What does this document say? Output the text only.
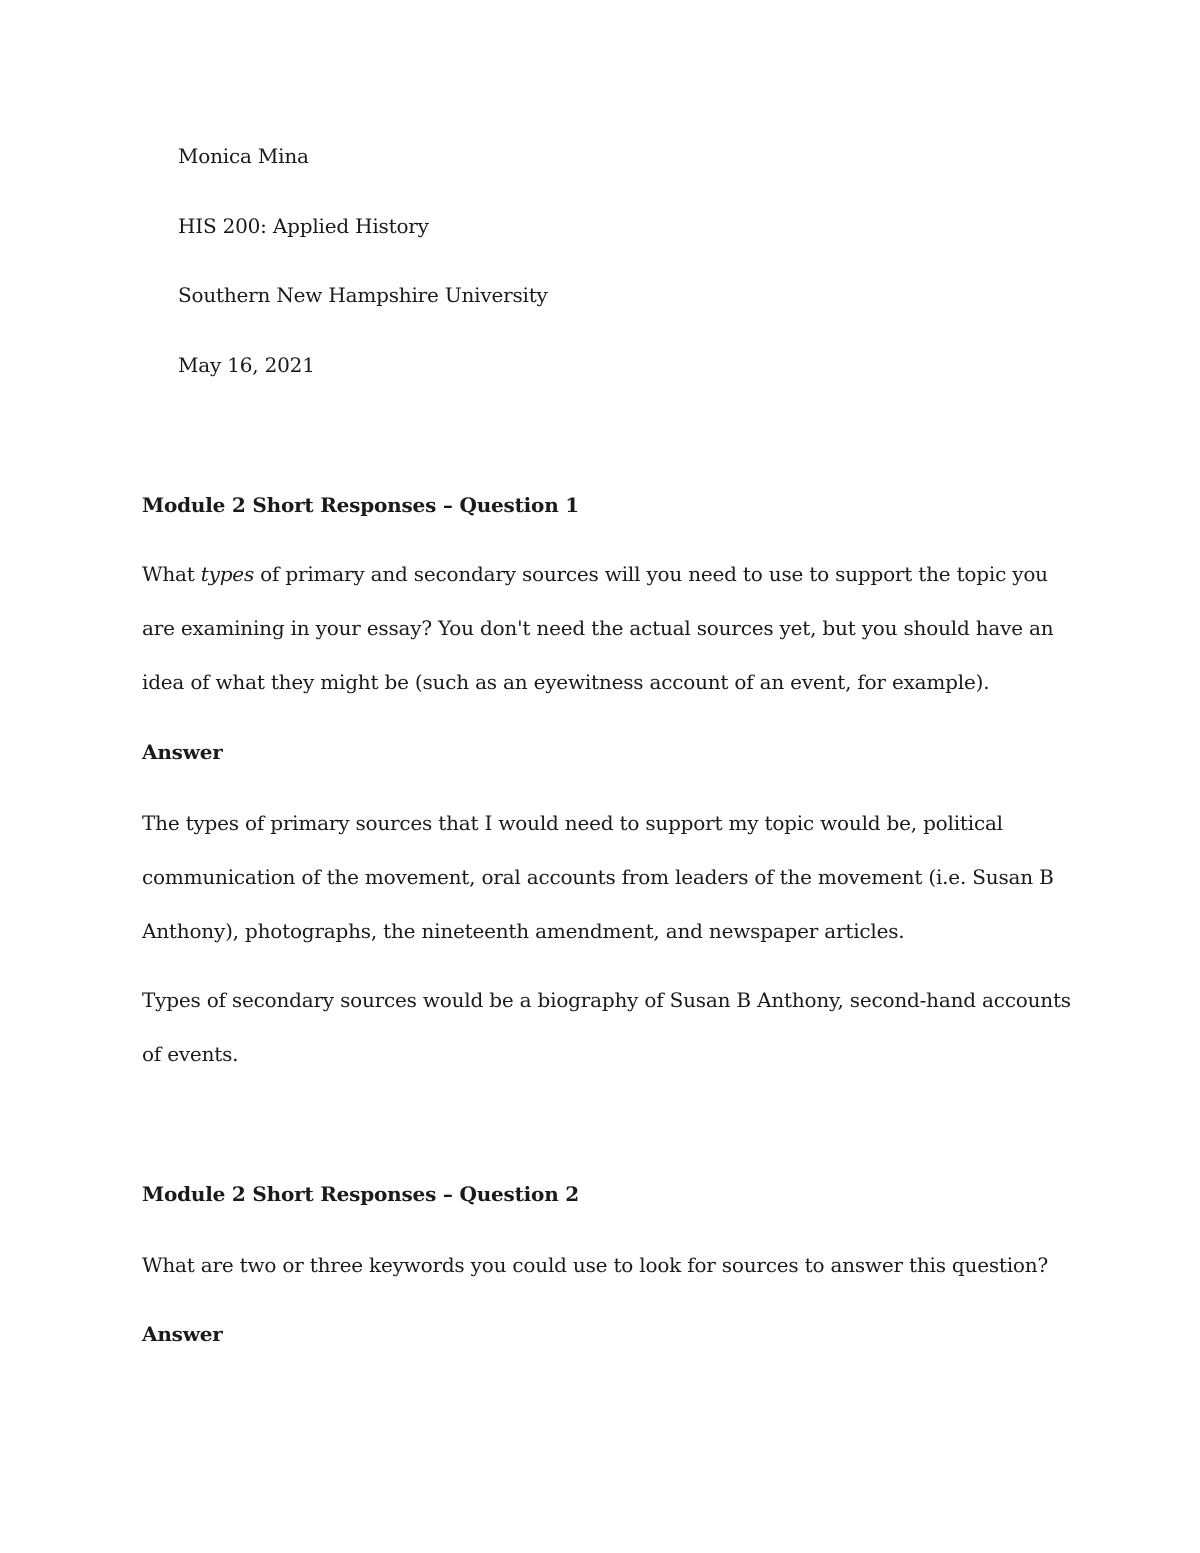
Monica Mina
HIS 200: Applied History
Southern New Hampshire University
May 16, 2021
Module 2 Short Responses – Question 1
What types of primary and secondary sources will you need to use to support the topic you are examining in your essay? You don't need the actual sources yet, but you should have an idea of what they might be (such as an eyewitness account of an event, for example).
Answer
The types of primary sources that I would need to support my topic would be, political communication of the movement, oral accounts from leaders of the movement (i.e. Susan B Anthony), photographs, the nineteenth amendment, and newspaper articles.
Types of secondary sources would be a biography of Susan B Anthony, second-hand accounts of events.
Module 2 Short Responses – Question 2
What are two or three keywords you could use to look for sources to answer this question?
Answer
